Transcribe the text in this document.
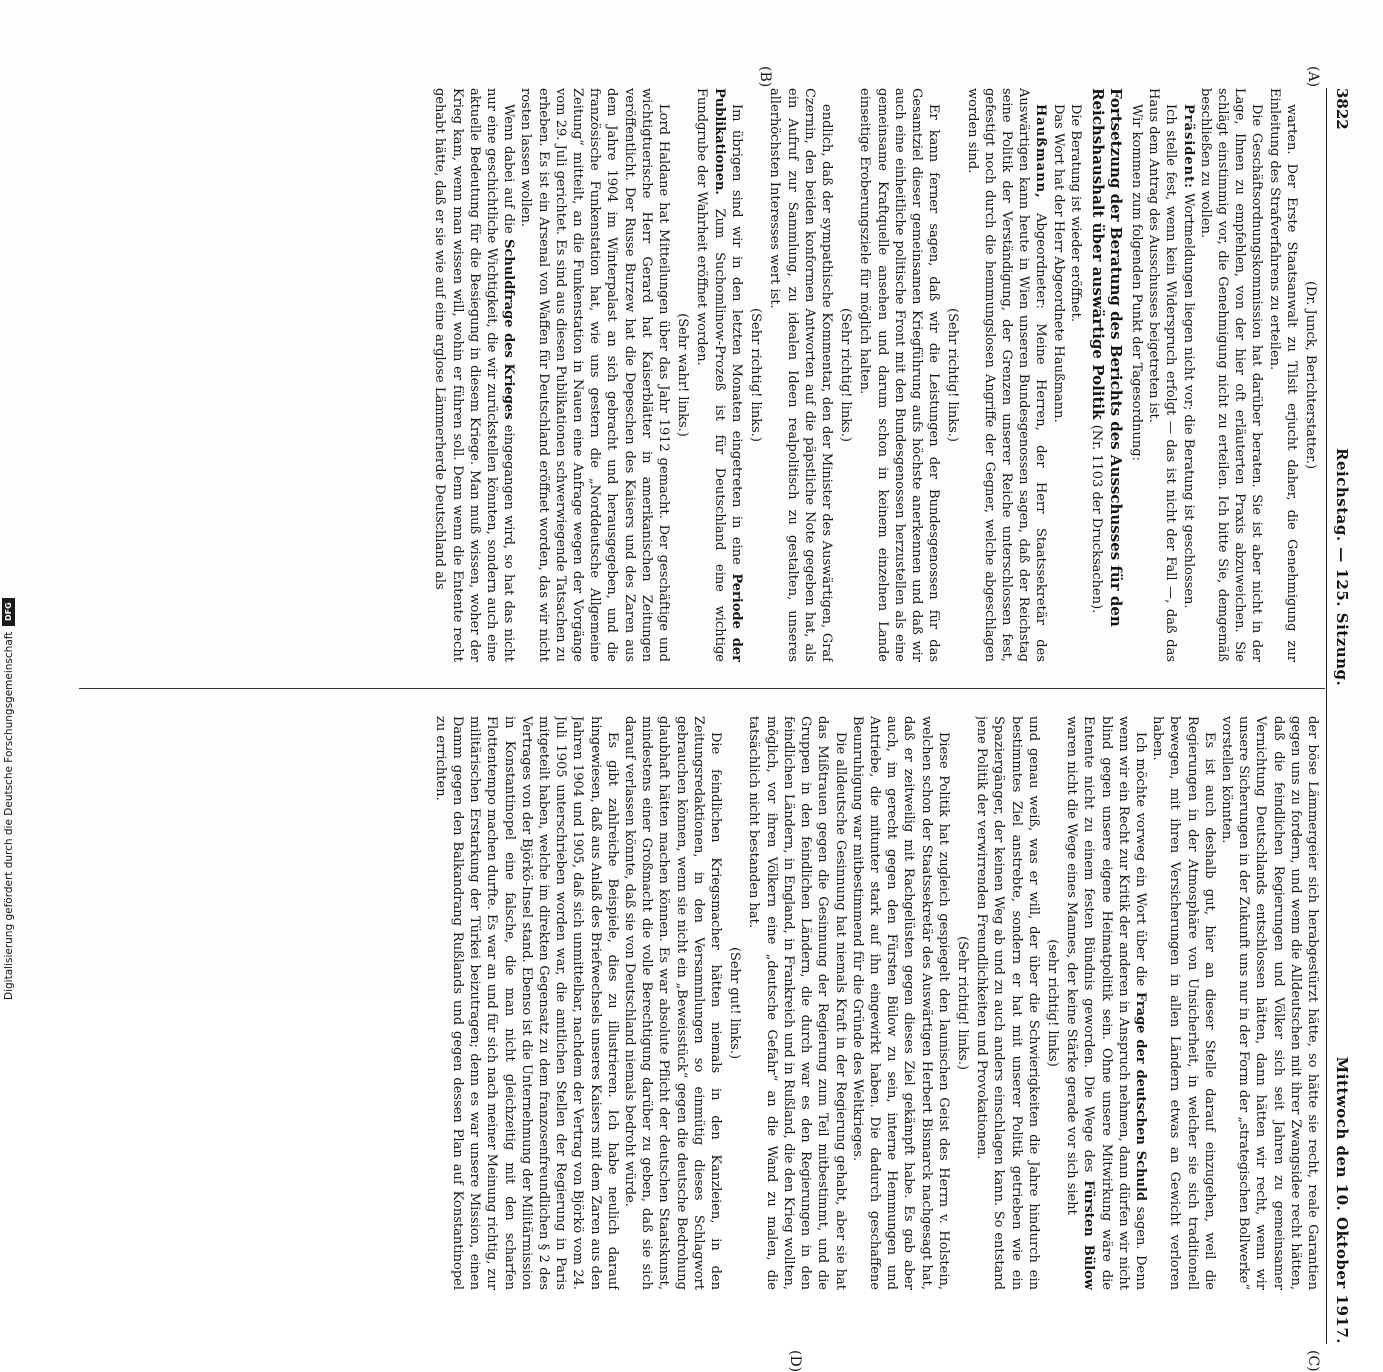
3822
Reichstag. — 125. Sitzung.
Mittwoch den 10. Oktober 1917.
(A)
(B)
(C)
(D)

(Dr. Junck, Berichterstatter.)

warten. Der Erste Staatsanwalt zu Tilsit erjucht daher, die Genehmigung zur Einleitung des Strafverfahrens zu erteilen.

Die Geschäftsordnungskommission hat darüber beraten. Sie ist aber nicht in der Lage, Ihnen zu empfehlen, von der hier oft erläuterten Praxis abzuweichen. Sie schlägt einstimmig vor, die Genehmigung nicht zu erteilen. Ich bitte Sie, demgemäß beschließen zu wollen.

Präsident: Wortmeldungen liegen nicht vor; die Beratung ist geschlossen.

Ich stelle fest, wenn kein Widerspruch erfolgt — das ist nicht der Fall —, daß das Haus dem Antrag des Ausschusses beigetreten ist.

Wir kommen zum folgenden Punkt der Tagesordnung:

Fortsetzung der Beratung des Berichts des Ausschusses für den Reichshaushalt über auswärtige Politik (Nr. 1103 der Drucksachen).

Die Beratung ist wieder eröffnet.

Das Wort hat der Herr Abgeordnete Haußmann.

Haußmann, Abgeordneter: Meine Herren, der Herr Staatssekretär des Auswärtigen kann heute in Wien unseren Bundesgenossen sagen, daß der Reichstag seine Politik der Verständigung, der Grenzen unserer Reiche unterschlossen fest, gefestigt noch durch die hemmungslosen Angriffe der Gegner, welche abgeschlagen worden sind.

(Sehr richtig! links.)

Er kann ferner sagen, daß wir die Leistungen der Bundesgenossen für das Gesamtziel dieser gemeinsamen Kriegführung aufs höchste anerkennen und daß wir auch eine einheitliche politische Front mit den Bundesgenossen herzustellen als eine gemeinsame Kraftquelle ansehen und darum schon in keinem einzelnen Lande einseitige Eroberungsziele für möglich halten.

(Sehr richtig! links.)

endlich, daß der sympathische Kommentar, den der Minister des Auswärtigen, Graf Czernin, den beiden konformen Antworten auf die päpstliche Note gegeben hat, als ein Aufruf zur Sammlung, zu idealen Ideen realpolitisch zu gestalten, unseres allerhöchsten Interesses wert ist.

(Sehr richtig! links.)

Im übrigen sind wir in den letzten Monaten eingetreten in eine Periode der Publikationen. Zum Suchomlinow-Prozeß ist für Deutschland eine wichtige Fundgrube der Wahrheit eröffnet worden.

(Sehr wahr! links.)

Lord Haldane hat Mitteilungen über das Jahr 1912 gemacht. Der geschäftige und wichtigtuerische Herr Gerard hat Kaiserblätter in amerikanischen Zeitungen veröffentlicht. Der Russe Burzew hat die Depeschen des Kaisers und des Zaren aus dem Jahre 1904 im Winterpalast an sich gebracht und herausgegeben, und die französische Funkenstation hat, wie uns gestern die „Norddeutsche Allgemeine Zeitung“ mitteilt, an die Funkenstation in Nauen eine Anfrage wegen der Vorgänge vom 29. Juli gerichtet. Es sind aus diesen Publikationen schwerwiegende Tatsachen zu erheben. Es ist ein Arsenal von Waffen für Deutschland eröffnet worden, das wir nicht rosten lassen wollen.

Wenn dabei auf die Schuldfrage des Krieges eingegangen wird, so hat das nicht nur eine geschichtliche Wichtigkeit, die wir zurückstellen könnten, sondern auch eine aktuelle Bedeutung für die Besiegung in diesem Kriege. Man muß wissen, woher der Krieg kam, wenn man wissen will, wohin er führen soll. Denn wenn die Entente recht gehabt hätte, daß er sie wie auf eine arglose Lämmerherde Deutschland als

der böse Lämmergeier sich herabgestürzt hätte, so hätte sie recht, reale Garantien gegen uns zu fordern, und wenn die Alldeutschen mit ihrer Zwangsidee recht hätten, daß die feindlichen Regierungen und Völker sich seit Jahren zu gemeinsamer Vernichtung Deutschlands entschlossen hätten, dann hätten wir recht, wenn wir unsere Sicherungen in der Zukunft uns nur in der Form der „strategischen Bollwerke“ vorstellen könnten.

Es ist auch deshalb gut, hier an dieser Stelle darauf einzugehen, weil die Regierungen in der Atmosphäre von Unsicherheit, in welcher sie sich traditionell bewegen, mit ihren Versicherungen in allen Ländern etwas an Gewicht verloren haben.

Ich möchte vorweg ein Wort über die Frage der deutschen Schuld sagen. Denn wenn wir ein Recht zur Kritik der anderen in Anspruch nehmen, dann dürfen wir nicht blind gegen unsere eigene Heimatpolitik sein. Ohne unsere Mitwirkung wäre die Entente nicht zu einem festen Bündnis geworden. Die Wege des Fürsten Bülow waren nicht die Wege eines Mannes, der keine Stärke gerade vor sich sieht

(sehr richtig! links)

und genau weiß, was er will, der über die Schwierigkeiten die Jahre hindurch ein bestimmtes Ziel anstrebte, sondern er hat mit unserer Politik getrieben wie ein Spaziergänger, der keinen Weg ab und zu auch anders einschlagen kann. So entstand jene Politik der verwirrenden Freundlichkeiten und Provokationen.

(Sehr richtig! links.)

Diese Politik hat zugleich gespiegelt den launischen Geist des Herrn v. Holstein, welchen schon der Staatssekretär des Auswärtigen Herbert Bismarck nachgesagt hat, daß er zeitweilig mit Rachgelüsten gegen dieses Ziel gekämpft habe. Es gab aber auch, im gerecht gegen den Fürsten Bülow zu sein, interne Hemmungen und Antriebe, die mitunter stark auf ihn eingewirkt haben. Die dadurch geschaffene Beunruhigung war mitbestimmend für die Gründe des Weltkrieges.

Die alldeutsche Gesinnung hat niemals Kraft in der Regierung gehabt, aber sie hat das Mißtrauen gegen die Gesinnung der Regierung zum Teil mitbestimmt, und die Gruppen in den feindlichen Ländern, die durch war es den Regierungen in den feindlichen Ländern, in England, in Frankreich und in Rußland, die den Krieg wollten, möglich, vor ihren Völkern eine „deutsche Gefahr“ an die Wand zu malen, die tatsächlich nicht bestanden hat.

(Sehr gut! links.)

Die feindlichen Kriegsmacher hätten niemals in den Kanzleien, in den Zeitungsredaktionen, in den Versammlungen so einmütig dieses Schlagwort gebrauchen können, wenn sie nicht ein „Beweisstück“ gegen die deutsche Bedrohung glaubhaft hätten machen können. Es war absolute Pflicht der deutschen Staatskunst, mindestens einer Großmacht die volle Berechtigung darüber zu geben, daß sie sich darauf verlassen könnte, daß sie von Deutschland niemals bedroht würde.

Es gibt zahlreiche Beispiele, dies zu illustrieren. Ich habe neulich darauf hingewiesen, daß aus Anlaß des Briefwechsels unseres Kaisers mit dem Zaren aus den Jahren 1904 und 1905, daß sich unmittelbar, nachdem der Vertrag von Björkö vom 24. Juli 1905 unterschrieben worden war, die amtlichen Stellen der Regierung in Paris mitgeteilt haben, welche im direkten Gegensatz zu dem franzosenfreundlichen § 2 des Vertrages von der Björkö-Insel stand. Ebenso ist die Unternehmung der Militärmission in Konstantinopel eine falsche, die man nicht gleichzeitig mit den scharfen Flottentempo machen durfte. Es war an und für sich nach meiner Meinung richtig, zur militärischen Erstarkung der Türkei beizutragen; denn es war unsere Mission, einen Damm gegen den Balkandrang Rußlands und gegen dessen Plan auf Konstantinopel zu errichten.

Digitalisierung gefördert durch die Deutsche Forschungsgemeinschaft
DFG
